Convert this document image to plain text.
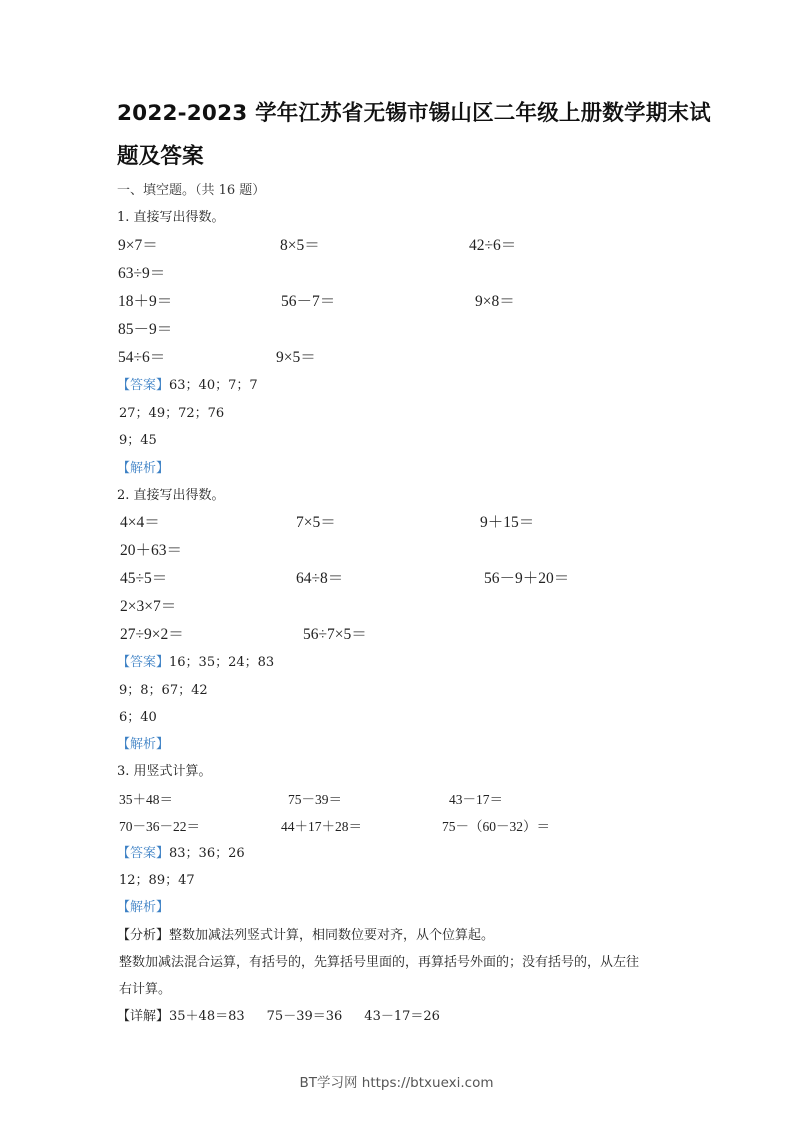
2022-2023 学年江苏省无锡市锡山区二年级上册数学期末试
题及答案
一、填空题。（共 16 题）
1. 直接写出得数。
9×7＝	8×5＝	42÷6＝
63÷9＝
18＋9＝	56－7＝	9×8＝
85－9＝
54÷6＝	9×5＝
【答案】63；40；7；7
27；49；72；76
9；45
【解析】
2. 直接写出得数。
4×4＝	7×5＝	9＋15＝
20＋63＝
45÷5＝	64÷8＝	56－9＋20＝
2×3×7＝
27÷9×2＝	56÷7×5＝
【答案】16；35；24；83
9；8；67；42
6；40
【解析】
3. 用竖式计算。
35＋48＝	75－39＝	43－17＝
70－36－22＝	44＋17＋28＝	75－（60－32）＝
【答案】83；36；26
12；89；47
【解析】
【分析】整数加减法列竖式计算，相同数位要对齐，从个位算起。
整数加减法混合运算，有括号的，先算括号里面的，再算括号外面的；没有括号的，从左往
右计算。
【详解】35＋48＝83 75－39＝36 43－17＝26
BT学习网 https://btxuexi.com
